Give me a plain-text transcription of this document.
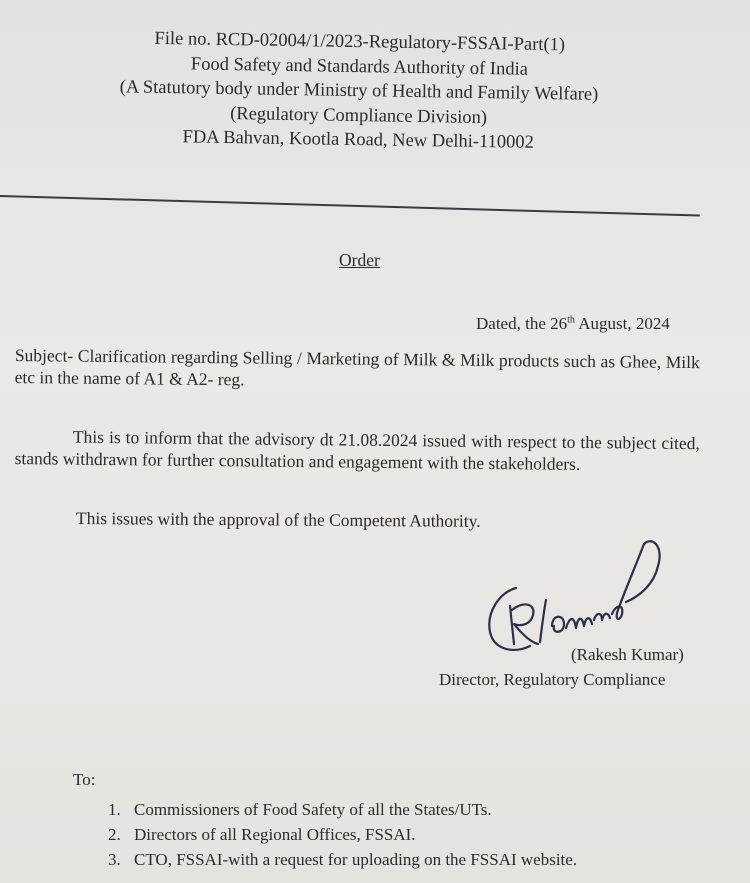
File no. RCD-02004/1/2023-Regulatory-FSSAI-Part(1)
Food Safety and Standards Authority of India
(A Statutory body under Ministry of Health and Family Welfare)
(Regulatory Compliance Division)
FDA Bahvan, Kootla Road, New Delhi-110002
Order
Dated, the 26th August, 2024
Subject- Clarification regarding Selling / Marketing of Milk & Milk products such as Ghee, Milk etc in the name of A1 & A2- reg.
This is to inform that the advisory dt 21.08.2024 issued with respect to the subject cited, stands withdrawn for further consultation and engagement with the stakeholders.
This issues with the approval of the Competent Authority.
(Rakesh Kumar)
Director, Regulatory Compliance
To:
1. Commissioners of Food Safety of all the States/UTs.
2. Directors of all Regional Offices, FSSAI.
3. CTO, FSSAI-with a request for uploading on the FSSAI website.
